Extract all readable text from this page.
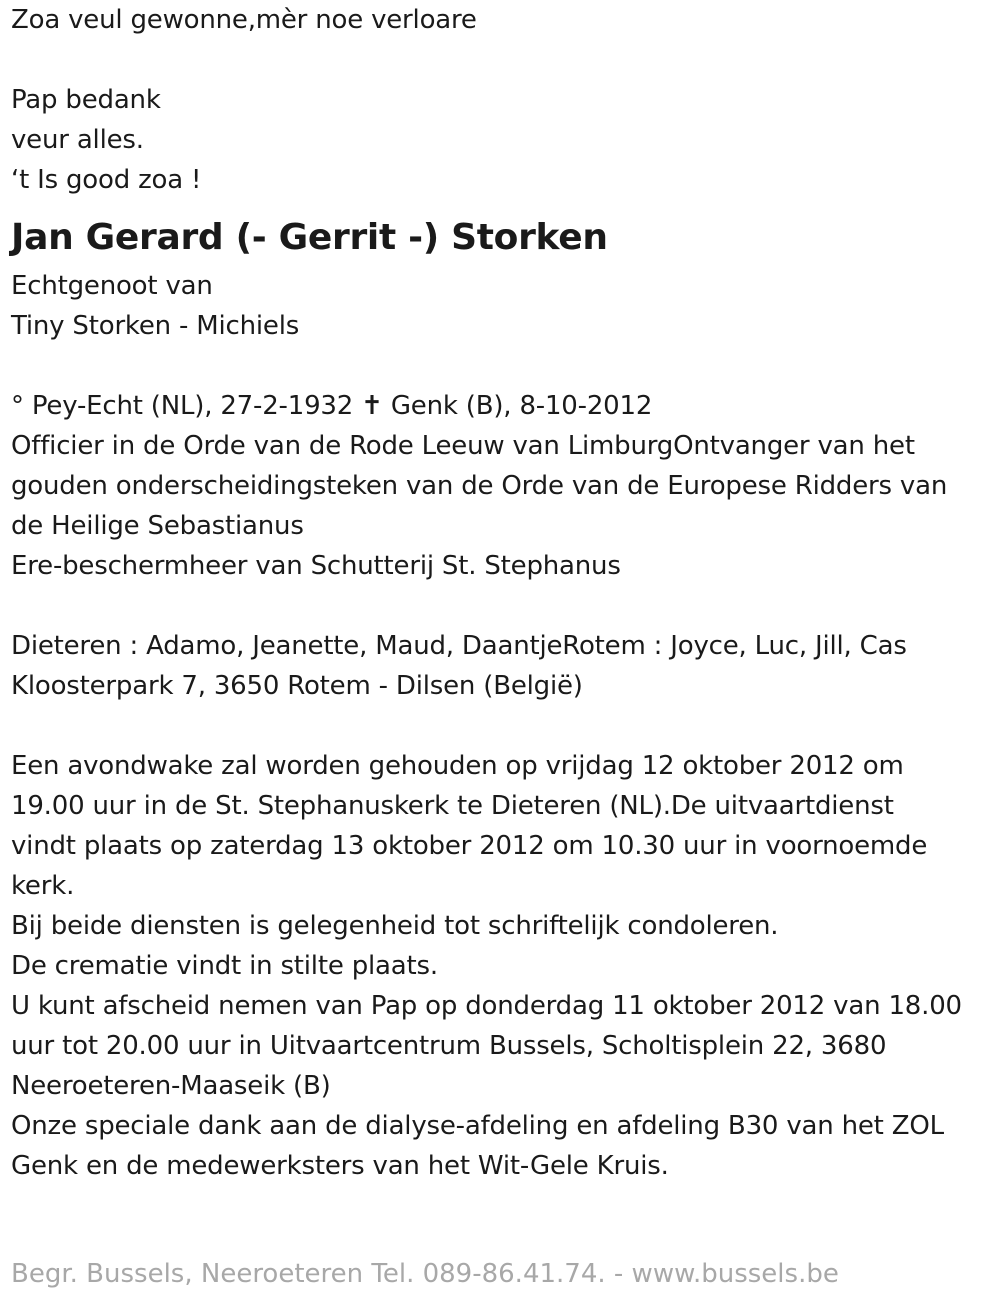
Zoa veul gewonne,mèr noe verloare
Pap bedank
veur alles.
‘t Is good zoa !
Jan Gerard (- Gerrit -) Storken
Echtgenoot van
Tiny Storken - Michiels
° Pey-Echt (NL), 27-2-1932 ✝ Genk (B), 8-10-2012
Officier in de Orde van de Rode Leeuw van LimburgOntvanger van het
gouden onderscheidingsteken van de Orde van de Europese Ridders van
de Heilige Sebastianus
Ere-beschermheer van Schutterij St. Stephanus
Dieteren : Adamo, Jeanette, Maud, DaantjeRotem : Joyce, Luc, Jill, Cas
Kloosterpark 7, 3650 Rotem - Dilsen (België)
Een avondwake zal worden gehouden op vrijdag 12 oktober 2012 om
19.00 uur in de St. Stephanuskerk te Dieteren (NL).De uitvaartdienst
vindt plaats op zaterdag 13 oktober 2012 om 10.30 uur in voornoemde
kerk.
Bij beide diensten is gelegenheid tot schriftelijk condoleren.
De crematie vindt in stilte plaats.
U kunt afscheid nemen van Pap op donderdag 11 oktober 2012 van 18.00
uur tot 20.00 uur in Uitvaartcentrum Bussels, Scholtisplein 22, 3680
Neeroeteren-Maaseik (B)
Onze speciale dank aan de dialyse-afdeling en afdeling B30 van het ZOL
Genk en de medewerksters van het Wit-Gele Kruis.
Begr. Bussels, Neeroeteren Tel. 089-86.41.74. - www.bussels.be
